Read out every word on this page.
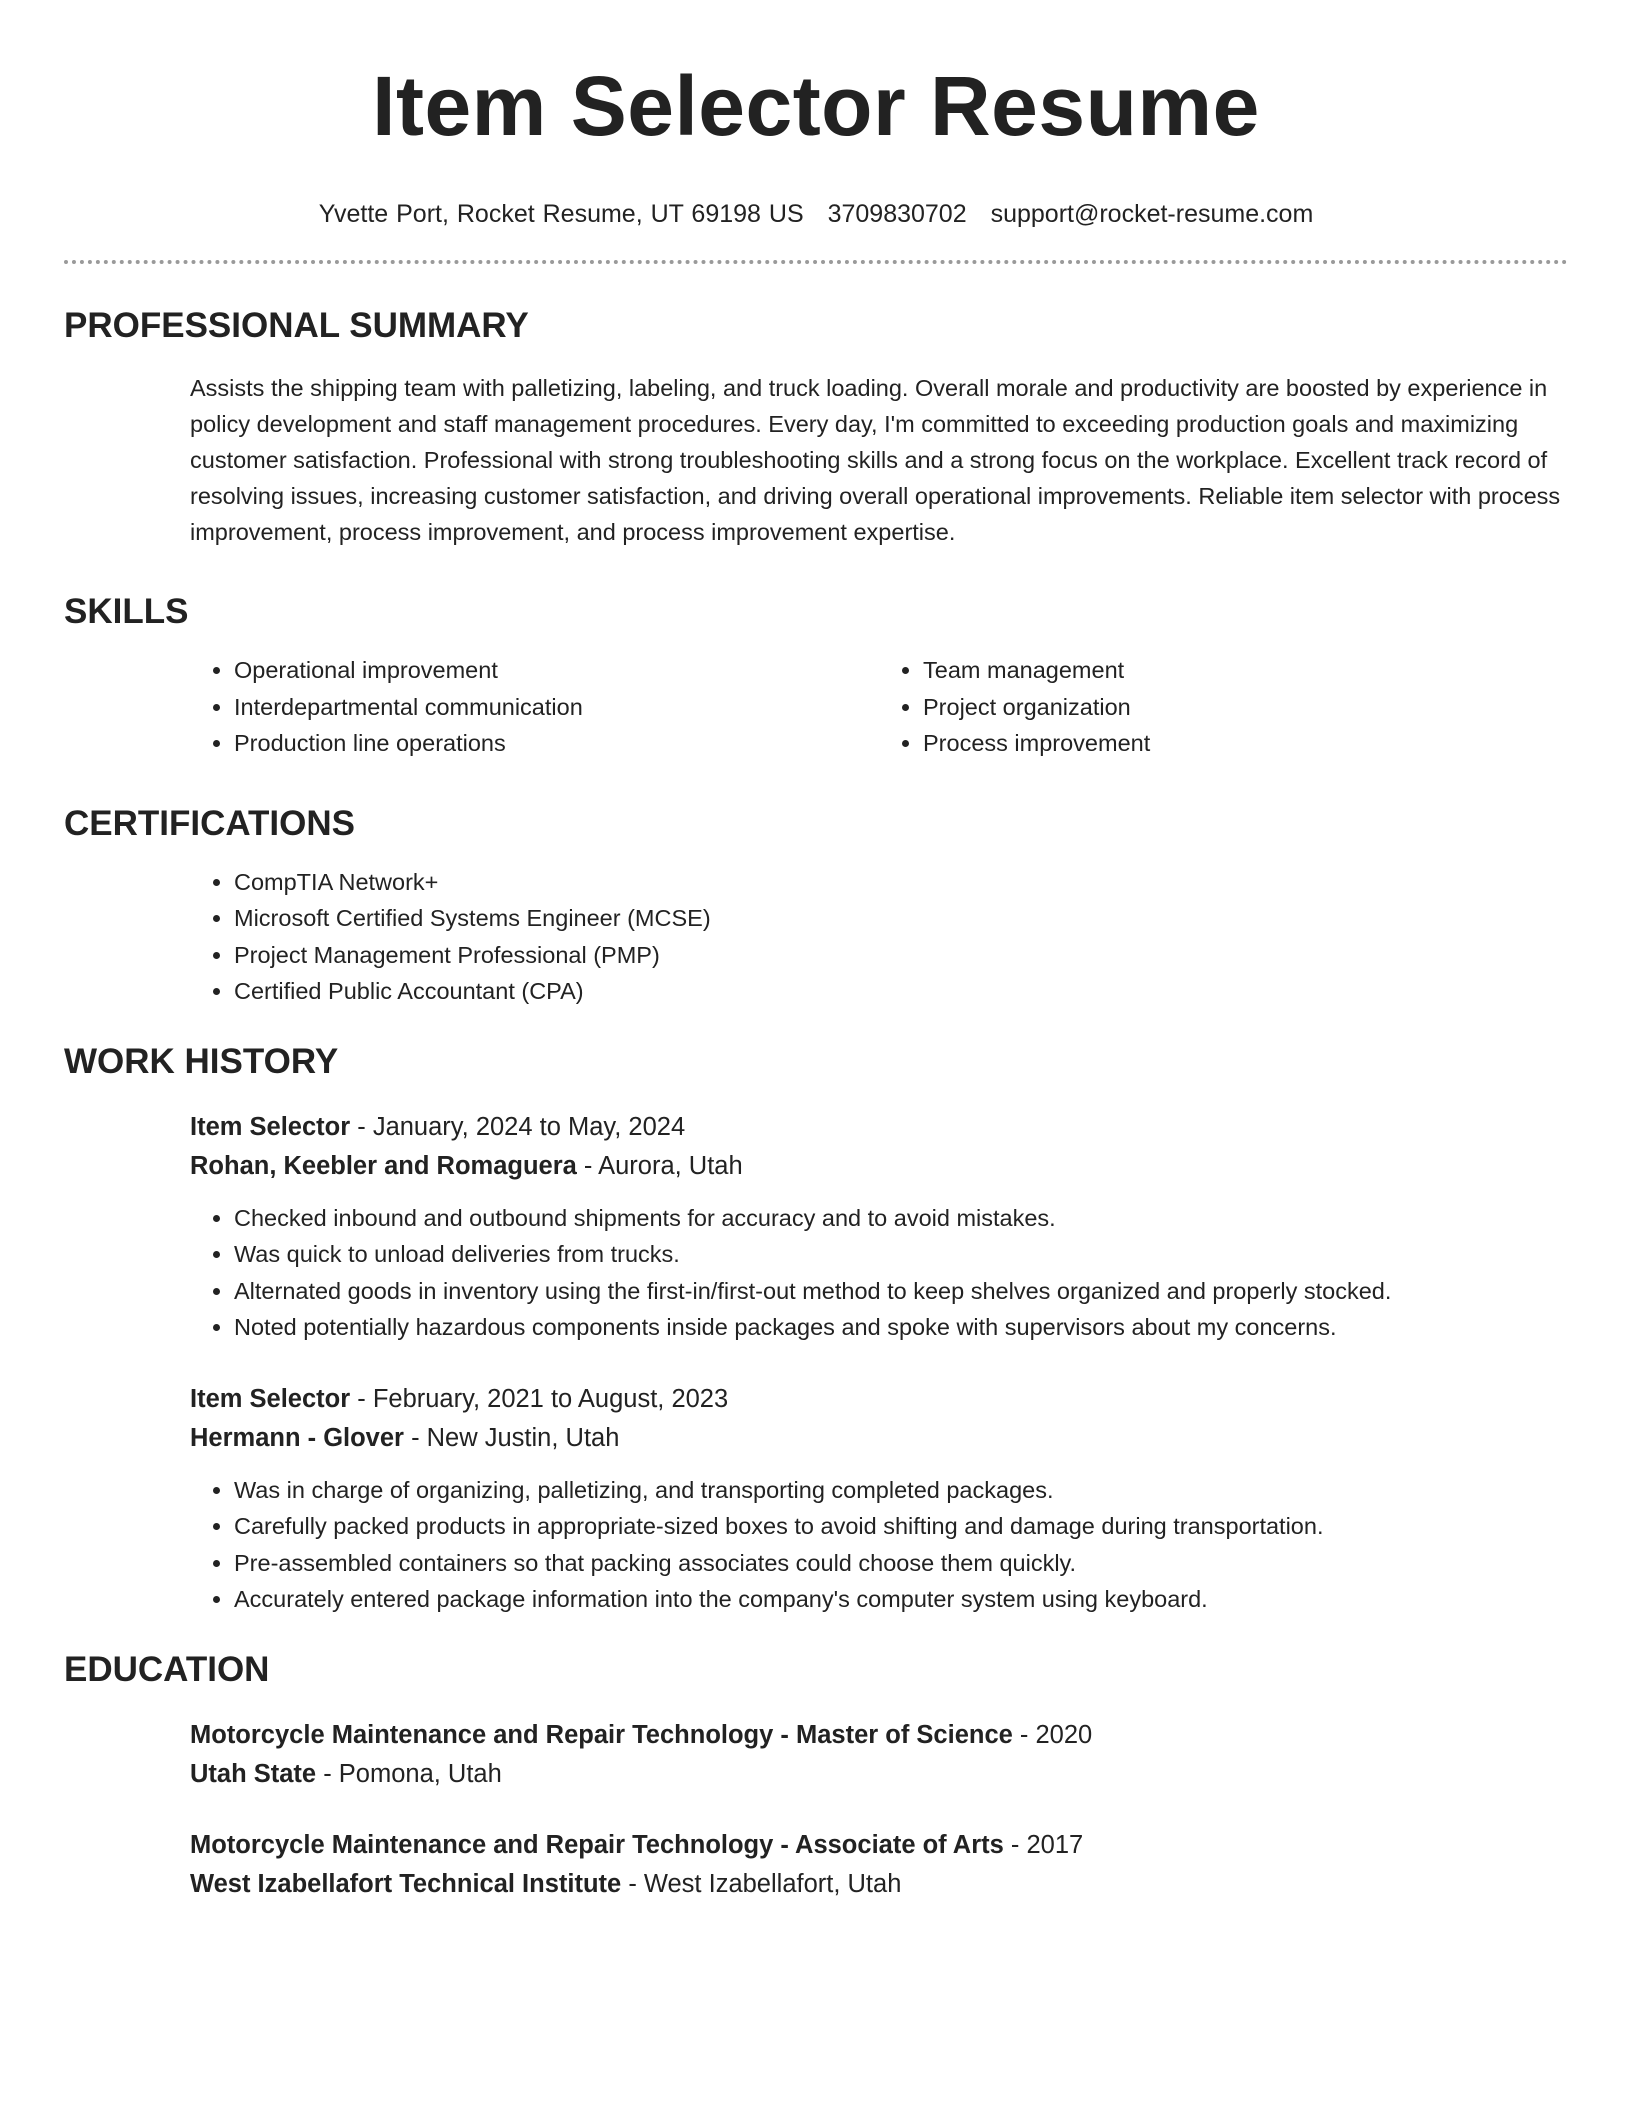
Item Selector Resume
Yvette Port, Rocket Resume, UT 69198 US 3709830702 support@rocket-resume.com
PROFESSIONAL SUMMARY

Assists the shipping team with palletizing, labeling, and truck loading. Overall morale and productivity are boosted by experience in policy development and staff management procedures. Every day, I'm committed to exceeding production goals and maximizing customer satisfaction. Professional with strong troubleshooting skills and a strong focus on the workplace. Excellent track record of resolving issues, increasing customer satisfaction, and driving overall operational improvements. Reliable item selector with process improvement, process improvement, and process improvement expertise.

SKILLS
• Operational improvement
• Interdepartmental communication
• Production line operations
• Team management
• Project organization
• Process improvement
CERTIFICATIONS
• CompTIA Network+
• Microsoft Certified Systems Engineer (MCSE)
• Project Management Professional (PMP)
• Certified Public Accountant (CPA)
WORK HISTORY
Item Selector - January, 2024 to May, 2024
Rohan, Keebler and Romaguera - Aurora, Utah
• Checked inbound and outbound shipments for accuracy and to avoid mistakes.
• Was quick to unload deliveries from trucks.
• Alternated goods in inventory using the first-in/first-out method to keep shelves organized and properly stocked.
• Noted potentially hazardous components inside packages and spoke with supervisors about my concerns.
Item Selector - February, 2021 to August, 2023
Hermann - Glover - New Justin, Utah
• Was in charge of organizing, palletizing, and transporting completed packages.
• Carefully packed products in appropriate-sized boxes to avoid shifting and damage during transportation.
• Pre-assembled containers so that packing associates could choose them quickly.
• Accurately entered package information into the company's computer system using keyboard.
EDUCATION
Motorcycle Maintenance and Repair Technology - Master of Science - 2020
Utah State - Pomona, Utah
Motorcycle Maintenance and Repair Technology - Associate of Arts - 2017
West Izabellafort Technical Institute - West Izabellafort, Utah
